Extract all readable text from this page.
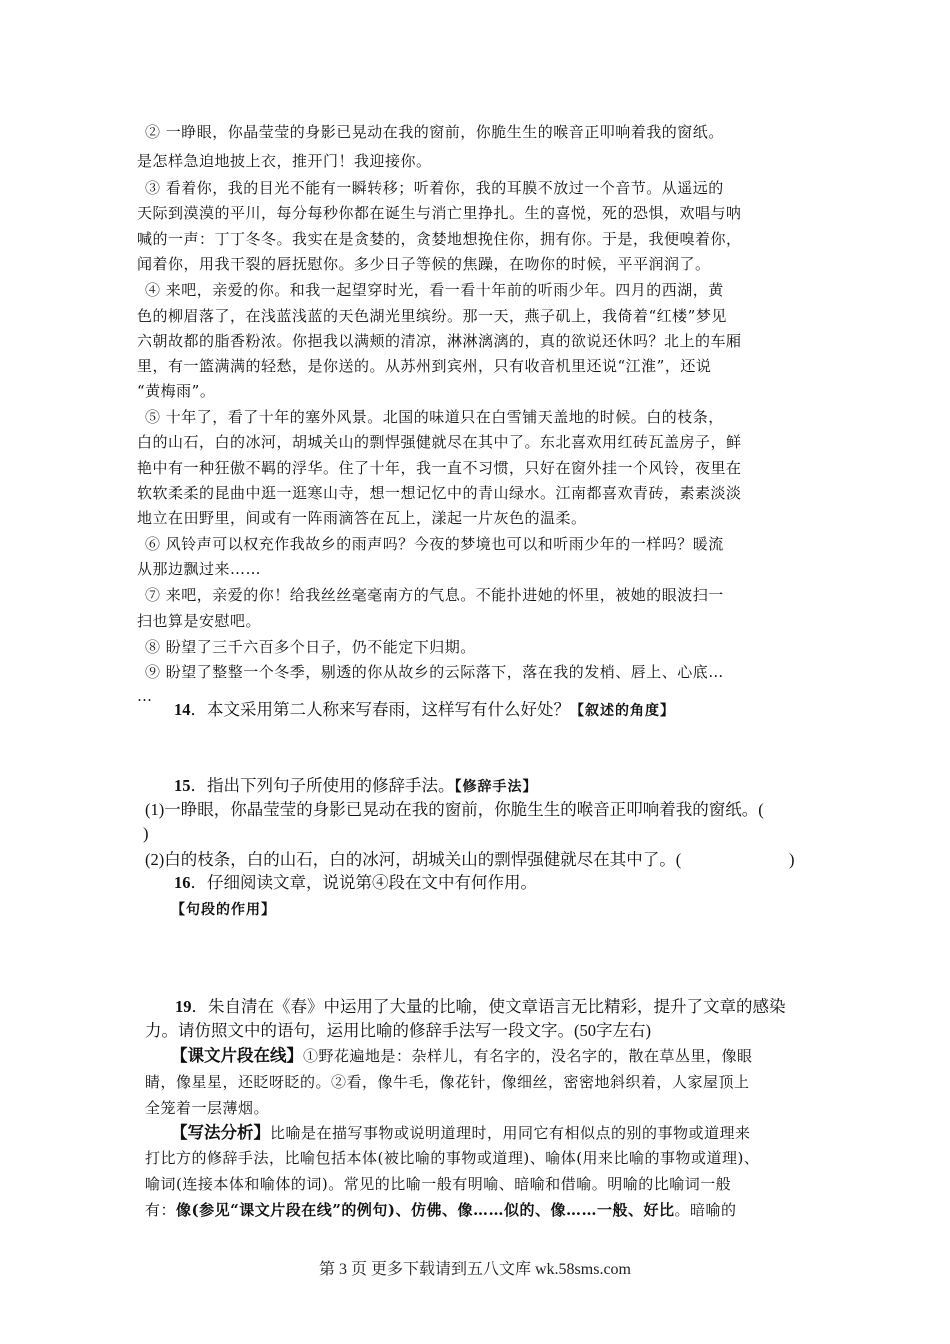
② 一睁眼，你晶莹莹的身影已晃动在我的窗前，你脆生生的喉音正叩响着我的窗纸。
是怎样急迫地披上衣，推开门！我迎接你。
③ 看着你，我的目光不能有一瞬转移；听着你，我的耳膜不放过一个音节。从遥远的
天际到漠漠的平川，每分每秒你都在诞生与消亡里挣扎。生的喜悦，死的恐惧，欢唱与呐
喊的一声：丁丁冬冬。我实在是贪婪的，贪婪地想挽住你，拥有你。于是，我便嗅着你，
闻着你，用我干裂的唇抚慰你。多少日子等候的焦躁，在吻你的时候，平平润润了。
④ 来吧，亲爱的你。和我一起望穿时光，看一看十年前的听雨少年。四月的西湖，黄
色的柳眉落了，在浅蓝浅蓝的天色湖光里缤纷。那一天，燕子矶上，我倚着“红楼”梦见
六朝故都的脂香粉浓。你挹我以满颊的清凉，淋淋漓漓的，真的欲说还休吗？北上的车厢
里，有一篮满满的轻愁，是你送的。从苏州到宾州，只有收音机里还说“江淮”，还说
“黄梅雨”。
⑤ 十年了，看了十年的塞外风景。北国的味道只在白雪铺天盖地的时候。白的枝条，
白的山石，白的冰河，胡城关山的剽悍强健就尽在其中了。东北喜欢用红砖瓦盖房子，鲜
艳中有一种狂傲不羁的浮华。住了十年，我一直不习惯，只好在窗外挂一个风铃，夜里在
软软柔柔的昆曲中逛一逛寒山寺，想一想记忆中的青山绿水。江南都喜欢青砖，素素淡淡
地立在田野里，间或有一阵雨滴答在瓦上，漾起一片灰色的温柔。
⑥ 风铃声可以权充作我故乡的雨声吗？今夜的梦境也可以和听雨少年的一样吗？暖流
从那边飘过来……
⑦ 来吧，亲爱的你！给我丝丝毫毫南方的气息。不能扑进她的怀里，被她的眼波扫一
扫也算是安慰吧。
⑧ 盼望了三千六百多个日子，仍不能定下归期。
⑨ 盼望了整整一个冬季，剔透的你从故乡的云际落下，落在我的发梢、唇上、心底…
…
14．本文采用第二人称来写春雨，这样写有什么好处？【叙述的角度】
15．指出下列句子所使用的修辞手法。【修辞手法】
(1)一睁眼，你晶莹莹的身影已晃动在我的窗前，你脆生生的喉音正叩响着我的窗纸。(
)
(2)白的枝条，白的山石，白的冰河，胡城关山的剽悍强健就尽在其中了。(	)
16．仔细阅读文章，说说第④段在文中有何作用。
【句段的作用】
19．朱自清在《春》中运用了大量的比喻，使文章语言无比精彩，提升了文章的感染
力。请仿照文中的语句，运用比喻的修辞手法写一段文字。(50字左右)
【课文片段在线】①野花遍地是：杂样儿，有名字的，没名字的，散在草丛里，像眼
睛，像星星，还眨呀眨的。②看，像牛毛，像花针，像细丝，密密地斜织着，人家屋顶上
全笼着一层薄烟。
【写法分析】比喻是在描写事物或说明道理时，用同它有相似点的别的事物或道理来
打比方的修辞手法，比喻包括本体(被比喻的事物或道理)、喻体(用来比喻的事物或道理)、
喻词(连接本体和喻体的词)。常见的比喻一般有明喻、暗喻和借喻。明喻的比喻词一般
有：像(参见“课文片段在线”的例句)、仿佛、像……似的、像……一般、好比。暗喻的
第 3 页 更多下载请到五八文库 wk.58sms.com
